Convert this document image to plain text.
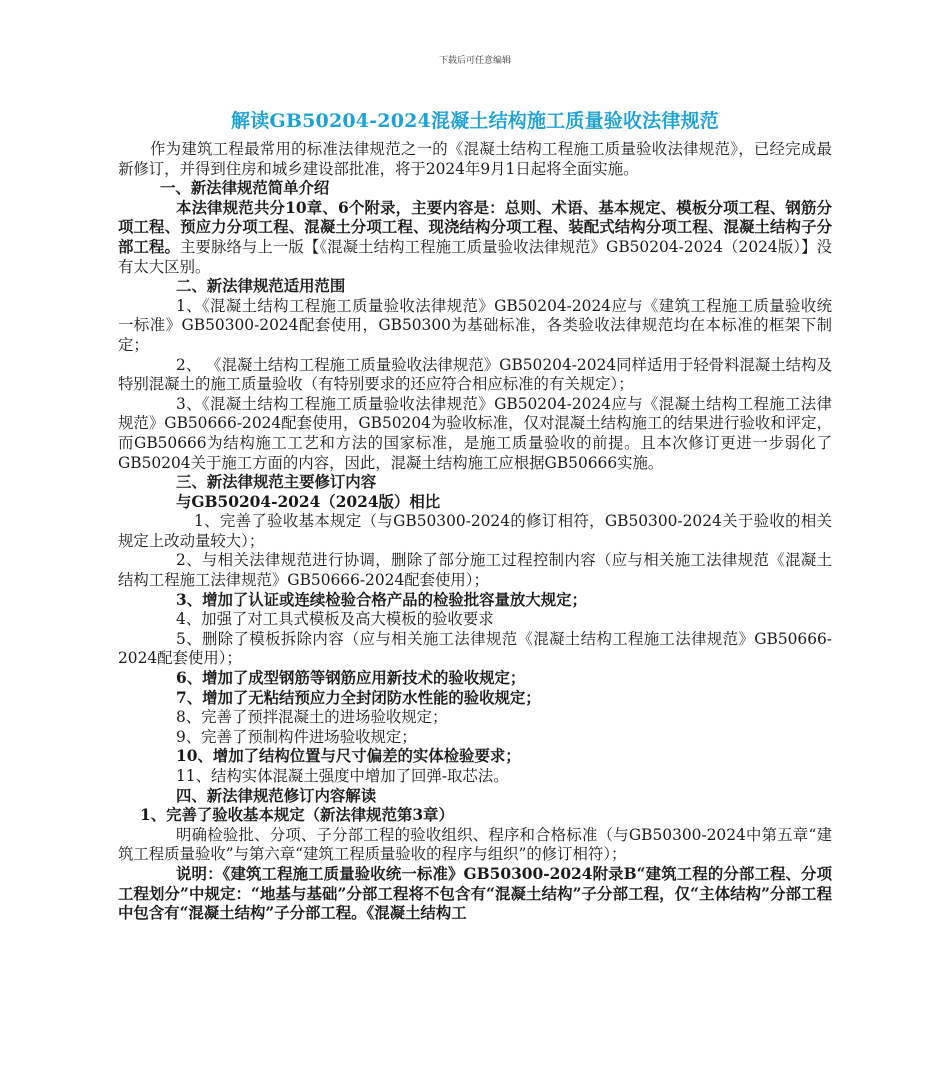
下载后可任意编辑
解读GB50204-2024混凝土结构施工质量验收法律规范

作为建筑工程最常用的标准法律规范之一的《混凝土结构工程施工质量验收法律规范》，已经完成最新修订，并得到住房和城乡建设部批准，将于2024年9月1日起将全面实施。

一、新法律规范简单介绍

本法律规范共分10章、6个附录，主要内容是：总则、术语、基本规定、模板分项工程、钢筋分项工程、预应力分项工程、混凝土分项工程、现浇结构分项工程、装配式结构分项工程、混凝土结构子分部工程。主要脉络与上一版【《混凝土结构工程施工质量验收法律规范》GB50204-2024（2024版）】没有太大区别。

二、新法律规范适用范围

1、《混凝土结构工程施工质量验收法律规范》GB50204-2024应与《建筑工程施工质量验收统一标准》GB50300-2024配套使用，GB50300为基础标准，各类验收法律规范均在本标准的框架下制定；

2、 《混凝土结构工程施工质量验收法律规范》GB50204-2024同样适用于轻骨料混凝土结构及特别混凝土的施工质量验收（有特别要求的还应符合相应标准的有关规定）；

3、《混凝土结构工程施工质量验收法律规范》GB50204-2024应与《混凝土结构工程施工法律规范》GB50666-2024配套使用，GB50204为验收标准，仅对混凝土结构施工的结果进行验收和评定，而GB50666为结构施工工艺和方法的国家标准，是施工质量验收的前提。且本次修订更进一步弱化了GB50204关于施工方面的内容，因此，混凝土结构施工应根据GB50666实施。

三、新法律规范主要修订内容

与GB50204-2024（2024版）相比

1、完善了验收基本规定（与GB50300-2024的修订相符，GB50300-2024关于验收的相关规定上改动量较大）；

2、与相关法律规范进行协调，删除了部分施工过程控制内容（应与相关施工法律规范《混凝土结构工程施工法律规范》GB50666-2024配套使用）；

3、增加了认证或连续检验合格产品的检验批容量放大规定；

4、加强了对工具式模板及高大模板的验收要求

5、删除了模板拆除内容（应与相关施工法律规范《混凝土结构工程施工法律规范》GB50666-2024配套使用）；

6、增加了成型钢筋等钢筋应用新技术的验收规定；

7、增加了无粘结预应力全封闭防水性能的验收规定；

8、完善了预拌混凝土的进场验收规定；

9、完善了预制构件进场验收规定；

10、增加了结构位置与尺寸偏差的实体检验要求；

11、结构实体混凝土强度中增加了回弹-取芯法。

四、新法律规范修订内容解读

1、完善了验收基本规定（新法律规范第3章）

明确检验批、分项、子分部工程的验收组织、程序和合格标准（与GB50300-2024中第五章“建筑工程质量验收”与第六章“建筑工程质量验收的程序与组织”的修订相符）；

说明：《建筑工程施工质量验收统一标准》GB50300-2024附录B“建筑工程的分部工程、分项工程划分”中规定：“地基与基础”分部工程将不包含有“混凝土结构”子分部工程，仅“主体结构”分部工程中包含有“混凝土结构”子分部工程。《混凝土结构工
